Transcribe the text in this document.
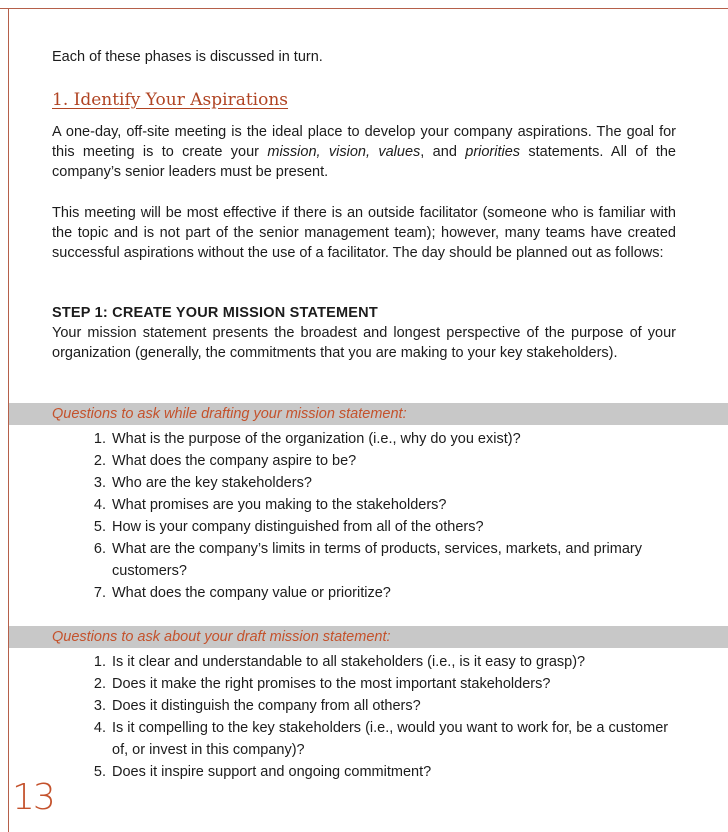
Each of these phases is discussed in turn.
1. Identify Your Aspirations
A one-day, off-site meeting is the ideal place to develop your company aspirations. The goal for this meeting is to create your mission, vision, values, and priorities statements. All of the company’s senior leaders must be present.
This meeting will be most effective if there is an outside facilitator (someone who is familiar with the topic and is not part of the senior management team); however, many teams have created successful aspirations without the use of a facilitator. The day should be planned out as follows:
STEP 1: CREATE YOUR MISSION STATEMENT
Your mission statement presents the broadest and longest perspective of the purpose of your organization (generally, the commitments that you are making to your key stakeholders).
Questions to ask while drafting your mission statement:
1. What is the purpose of the organization (i.e., why do you exist)?
2. What does the company aspire to be?
3. Who are the key stakeholders?
4. What promises are you making to the stakeholders?
5. How is your company distinguished from all of the others?
6. What are the company’s limits in terms of products, services, markets, and primary customers?
7. What does the company value or prioritize?
Questions to ask about your draft mission statement:
1. Is it clear and understandable to all stakeholders (i.e., is it easy to grasp)?
2. Does it make the right promises to the most important stakeholders?
3. Does it distinguish the company from all others?
4. Is it compelling to the key stakeholders (i.e., would you want to work for, be a customer of, or invest in this company)?
5. Does it inspire support and ongoing commitment?
13
